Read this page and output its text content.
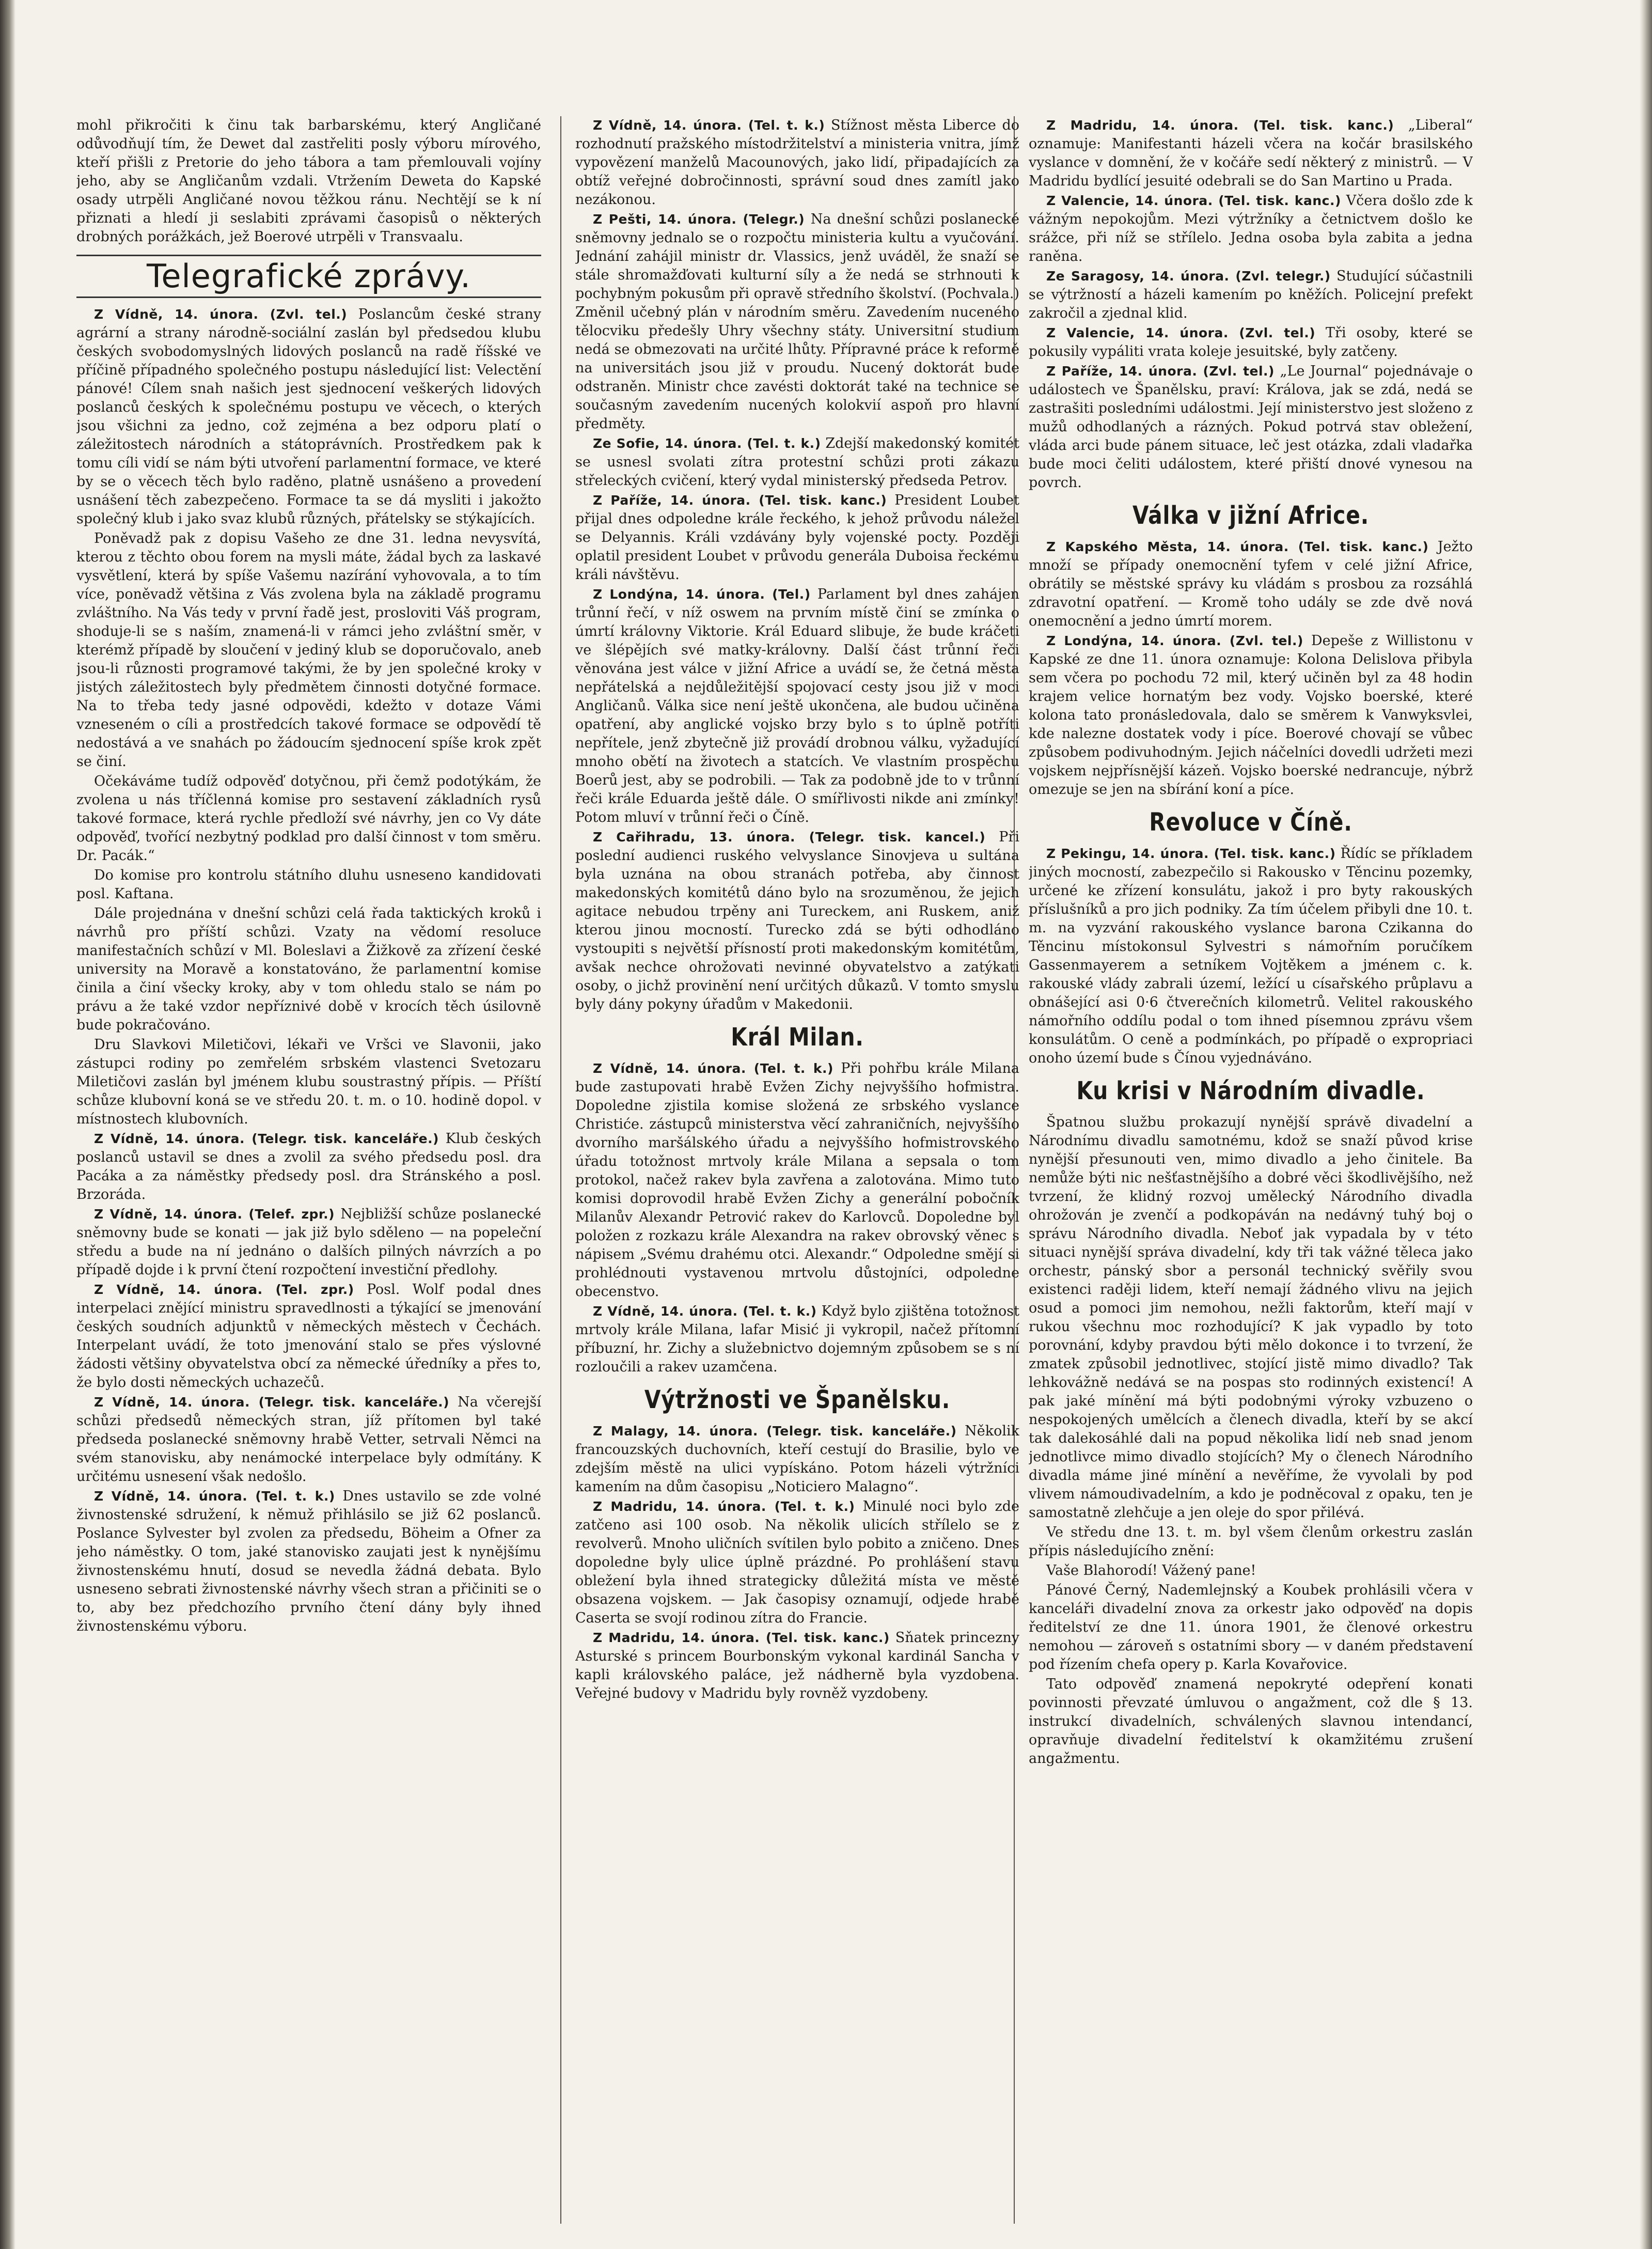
mohl přikročiti k činu tak barbarskému, který Angličané odůvodňují tím, že Dewet dal zastřeliti posly výboru mírového, kteří přišli z Pretorie do jeho tábora a tam přemlouvali vojíny jeho, aby se Angličanům vzdali. Vtržením Deweta do Kapské osady utrpěli Angličané novou těžkou ránu. Nechtějí se k ní přiznati a hledí ji seslabiti zprávami časopisů o některých drobných porážkách, jež Boerové utrpěli v Transvaalu.

Telegrafické zprávy.

Z Vídně, 14. února. (Zvl. tel.) Poslancům české strany agrární a strany národně-sociální zaslán byl předsedou klubu českých svobodomyslných lidových poslanců na radě říšské ve příčině případného společného postupu následující list: Velectění pánové! Cílem snah našich jest sjednocení veškerých lidových poslanců českých k společnému postupu ve věcech, o kterých jsou všichni za jedno, což zejména a bez odporu platí o záležitostech národních a státoprávních. Prostředkem pak k tomu cíli vidí se nám býti utvoření parlamentní formace, ve které by se o věcech těch bylo raděno, platně usnášeno a provedení usnášení těch zabezpečeno. Formace ta se dá mysliti i jakožto společný klub i jako svaz klubů různých, přátelsky se stýkajících.

Poněvadž pak z dopisu Vašeho ze dne 31. ledna nevysvítá, kterou z těchto obou forem na mysli máte, žádal bych za laskavé vysvětlení, která by spíše Vašemu nazírání vyhovovala, a to tím více, poněvadž většina z Vás zvolena byla na základě programu zvláštního. Na Vás tedy v první řadě jest, prosloviti Váš program, shoduje-li se s naším, znamená-li v rámci jeho zvláštní směr, v kterémž případě by sloučení v jediný klub se doporučovalo, aneb jsou-li různosti programové takými, že by jen společné kroky v jistých záležitostech byly předmětem činnosti dotyčné formace. Na to třeba tedy jasné odpovědi, kdežto v dotaze Vámi vzneseném o cíli a prostředcích takové formace se odpovědí tě nedostává a ve snahách po žádoucím sjednocení spíše krok zpět se činí.

Očekáváme tudíž odpověď dotyčnou, při čemž podotýkám, že zvolena u nás tříčlenná komise pro sestavení základních rysů takové formace, která rychle předloží své návrhy, jen co Vy dáte odpověď, tvořící nezbytný podklad pro další činnost v tom směru. Dr. Pacák.“

Do komise pro kontrolu státního dluhu usneseno kandidovati posl. Kaftana.

Dále projednána v dnešní schůzi celá řada taktických kroků i návrhů pro příští schůzi. Vzaty na vědomí resoluce manifestačních schůzí v Ml. Boleslavi a Žižkově za zřízení české university na Moravě a konstatováno, že parlamentní komise činila a činí všecky kroky, aby v tom ohledu stalo se nám po právu a že také vzdor nepříznivé době v krocích těch úsilovně bude pokračováno.

Dru Slavkovi Miletičovi, lékaři ve Vršci ve Slavonii, jako zástupci rodiny po zemřelém srbském vlastenci Svetozaru Miletičovi zaslán byl jménem klubu soustrastný přípis. — Příští schůze klubovní koná se ve středu 20. t. m. o 10. hodině dopol. v místnostech klubovních.

Z Vídně, 14. února. (Telegr. tisk. kanceláře.) Klub českých poslanců ustavil se dnes a zvolil za svého předsedu posl. dra Pacáka a za náměstky předsedy posl. dra Stránského a posl. Brzoráda.

Z Vídně, 14. února. (Telef. zpr.) Nejbližší schůze poslanecké sněmovny bude se konati — jak již bylo sděleno — na popeleční středu a bude na ní jednáno o dalších pilných návrzích a po případě dojde i k první čtení rozpočtení investiční předlohy.

Z Vídně, 14. února. (Tel. zpr.) Posl. Wolf podal dnes interpelaci znějící ministru spravedlnosti a týkající se jmenování českých soudních adjunktů v německých městech v Čechách. Interpelant uvádí, že toto jmenování stalo se přes výslovné žádosti většiny obyvatelstva obcí za německé úředníky a přes to, že bylo dosti německých uchazečů.

Z Vídně, 14. února. (Telegr. tisk. kanceláře.) Na včerejší schůzi předsedů německých stran, jíž přítomen byl také předseda poslanecké sněmovny hrabě Vetter, setrvali Němci na svém stanovisku, aby nenámocké interpelace byly odmítány. K určitému usnesení však nedošlo.

Z Vídně, 14. února. (Tel. t. k.) Dnes ustavilo se zde volné živnostenské sdružení, k němuž přihlásilo se již 62 poslanců. Poslance Sylvester byl zvolen za předsedu, Böheim a Ofner za jeho náměstky. O tom, jaké stanovisko zaujati jest k nynějšímu živnostenskému hnutí, dosud se nevedla žádná debata. Bylo usneseno sebrati živnostenské návrhy všech stran a přičiniti se o to, aby bez předchozího prvního čtení dány byly ihned živnostenskému výboru.

Z Vídně, 14. února. (Tel. t. k.) Stížnost města Liberce do rozhodnutí pražského místodržitelství a ministeria vnitra, jímž vypovězení manželů Macounových, jako lidí, připadajících za obtíž veřejné dobročinnosti, správní soud dnes zamítl jako nezákonou.

Z Pešti, 14. února. (Telegr.) Na dnešní schůzi poslanecké sněmovny jednalo se o rozpočtu ministeria kultu a vyučování. Jednání zahájil ministr dr. Vlassics, jenž uváděl, že snaží se stále shromažďovati kulturní síly a že nedá se strhnouti k pochybným pokusům při opravě středního školství. (Pochvala.) Změnil učebný plán v národním směru. Zavedením nuceného tělocviku předešly Uhry všechny státy. Universitní studium nedá se obmezovati na určité lhůty. Přípravné práce k reformě na universitách jsou již v proudu. Nucený doktorát bude odstraněn. Ministr chce zavésti doktorát také na technice se současným zavedením nucených kolokvií aspoň pro hlavní předměty.

Ze Sofie, 14. února. (Tel. t. k.) Zdejší makedonský komitét se usnesl svolati zítra protestní schůzi proti zákazu střeleckých cvičení, který vydal ministerský předseda Petrov.

Z Paříže, 14. února. (Tel. tisk. kanc.) President Loubet přijal dnes odpoledne krále řeckého, k jehož průvodu náležel se Delyannis. Králi vzdávány byly vojenské pocty. Později oplatil president Loubet v průvodu generála Duboisa řeckému králi návštěvu.

Z Londýna, 14. února. (Tel.) Parlament byl dnes zahájen trůnní řečí, v níž oswem na prvním místě činí se zmínka o úmrtí královny Viktorie. Král Eduard slibuje, že bude kráčeti ve šlépějích své matky-královny. Další část trůnní řeči věnována jest válce v jižní Africe a uvádí se, že četná města nepřátelská a nejdůležitější spojovací cesty jsou již v moci Angličanů. Válka sice není ještě ukončena, ale budou učiněna opatření, aby anglické vojsko brzy bylo s to úplně potříti nepřítele, jenž zbytečně již provádí drobnou válku, vyžadující mnoho obětí na životech a statcích. Ve vlastním prospěchu Boerů jest, aby se podrobili. — Tak za podobně jde to v trůnní řeči krále Eduarda ještě dále. O smířlivosti nikde ani zmínky! Potom mluví v trůnní řeči o Číně.

Z Cařihradu, 13. února. (Telegr. tisk. kancel.) Při poslední audienci ruského velvyslance Sinovjeva u sultána byla uznána na obou stranách potřeba, aby činnost makedonských komitétů dáno bylo na srozuměnou, že jejich agitace nebudou trpěny ani Tureckem, ani Ruskem, aniž kterou jinou mocností. Turecko zdá se býti odhodláno vystoupiti s největší přísností proti makedonským komitétům, avšak nechce ohrožovati nevinné obyvatelstvo a zatýkati osoby, o jichž provinění není určitých důkazů. V tomto smyslu byly dány pokyny úřadům v Makedonii.

Král Milan.

Z Vídně, 14. února. (Tel. t. k.) Při pohřbu krále Milana bude zastupovati hrabě Evžen Zichy nejvyššího hofmistra. Dopoledne zjistila komise složená ze srbského vyslance Christiće. zástupců ministerstva věcí zahraničních, nejvyššího dvorního maršálského úřadu a nejvyššího hofmistrovského úřadu totožnost mrtvoly krále Milana a sepsala o tom protokol, načež rakev byla zavřena a zalotována. Mimo tuto komisi doprovodil hrabě Evžen Zichy a generální pobočník Milanův Alexandr Petrović rakev do Karlovců. Dopoledne byl položen z rozkazu krále Alexandra na rakev obrovský věnec s nápisem „Svému drahému otci. Alexandr.“ Odpoledne smějí si prohlédnouti vystavenou mrtvolu důstojníci, odpoledne obecenstvo.

Z Vídně, 14. února. (Tel. t. k.) Když bylo zjištěna totožnost mrtvoly krále Milana, lafar Misić ji vykropil, načež přítomní příbuzní, hr. Zichy a služebnictvo dojemným způsobem se s ní rozloučili a rakev uzamčena.

Výtržnosti ve Španělsku.

Z Malagy, 14. února. (Telegr. tisk. kanceláře.) Několik francouzských duchovních, kteří cestují do Brasilie, bylo ve zdejším městě na ulici vypískáno. Potom házeli výtržníci kamením na dům časopisu „Noticiero Malagno“.

Z Madridu, 14. února. (Tel. t. k.) Minulé noci bylo zde zatčeno asi 100 osob. Na několik ulicích střílelo se z revolverů. Mnoho uličních svítilen bylo pobito a zničeno. Dnes dopoledne byly ulice úplně prázdné. Po prohlášení stavu obležení byla ihned strategicky důležitá místa ve městě obsazena vojskem. — Jak časopisy oznamují, odjede hrabě Caserta se svojí rodinou zítra do Francie.

Z Madridu, 14. února. (Tel. tisk. kanc.) Sňatek princezny Asturské s princem Bourbonským vykonal kardinál Sancha v kapli královského paláce, jež nádherně byla vyzdobena. Veřejné budovy v Madridu byly rovněž vyzdobeny.

Z Madridu, 14. února. (Tel. tisk. kanc.) „Liberal“ oznamuje: Manifestanti házeli včera na kočár brasilského vyslance v domnění, že v kočáře sedí některý z ministrů. — V Madridu bydlící jesuité odebrali se do San Martino u Prada.

Z Valencie, 14. února. (Tel. tisk. kanc.) Včera došlo zde k vážným nepokojům. Mezi výtržníky a četnictvem došlo ke srážce, při níž se střílelo. Jedna osoba byla zabita a jedna raněna.

Ze Saragosy, 14. února. (Zvl. telegr.) Studující súčastnili se výtržností a házeli kamením po kněžích. Policejní prefekt zakročil a zjednal klid.

Z Valencie, 14. února. (Zvl. tel.) Tři osoby, které se pokusily vypáliti vrata koleje jesuitské, byly zatčeny.

Z Paříže, 14. února. (Zvl. tel.) „Le Journal“ pojednávaje o událostech ve Španělsku, praví: Králova, jak se zdá, nedá se zastrašiti posledními událostmi. Její ministerstvo jest složeno z mužů odhodlaných a rázných. Pokud potrvá stav obležení, vláda arci bude pánem situace, leč jest otázka, zdali vladařka bude moci čeliti událostem, které přiští dnové vynesou na povrch.

Válka v jižní Africe.

Z Kapského Města, 14. února. (Tel. tisk. kanc.) Ježto množí se případy onemocnění tyfem v celé jižní Africe, obrátily se městské správy ku vládám s prosbou za rozsáhlá zdravotní opatření. — Kromě toho udály se zde dvě nová onemocnění a jedno úmrtí morem.

Z Londýna, 14. února. (Zvl. tel.) Depeše z Willistonu v Kapské ze dne 11. února oznamuje: Kolona Delislova přibyla sem včera po pochodu 72 mil, který učiněn byl za 48 hodin krajem velice hornatým bez vody. Vojsko boerské, které kolona tato pronásledovala, dalo se směrem k Vanwyksvlei, kde nalezne dostatek vody i píce. Boerové chovají se vůbec způsobem podivuhodným. Jejich náčelníci dovedli udržeti mezi vojskem nejpřísnější kázeň. Vojsko boerské nedrancuje, nýbrž omezuje se jen na sbírání koní a píce.

Revoluce v Číně.

Z Pekingu, 14. února. (Tel. tisk. kanc.) Řídíc se příkladem jiných mocností, zabezpečilo si Rakousko v Těncinu pozemky, určené ke zřízení konsulátu, jakož i pro byty rakouských příslušníků a pro jich podniky. Za tím účelem přibyli dne 10. t. m. na vyzvání rakouského vyslance barona Czikanna do Těncinu místokonsul Sylvestri s námořním poručíkem Gassenmayerem a setníkem Vojtěkem a jménem c. k. rakouské vlády zabrali území, ležící u císařského průplavu a obnášející asi 0·6 čtverečních kilometrů. Velitel rakouského námořního oddílu podal o tom ihned písemnou zprávu všem konsulátům. O ceně a podmínkách, po případě o expropriaci onoho území bude s Čínou vyjednáváno.

Ku krisi v Národním divadle.

Špatnou službu prokazují nynější správě divadelní a Národnímu divadlu samotnému, kdož se snaží původ krise nynější přesunouti ven, mimo divadlo a jeho činitele. Ba nemůže býti nic nešťastnějšího a dobré věci škodlivějšího, než tvrzení, že klidný rozvoj umělecký Národního divadla ohrožován je zvenčí a podkopáván na nedávný tuhý boj o správu Národního divadla. Neboť jak vypadala by v této situaci nynější správa divadelní, kdy tři tak vážné těleса jako orchestr, pánský sbor a personál technický svěřily svou existenci raději lidem, kteří nemají žádného vlivu na jejich osud a pomoci jim nemohou, nežli faktorům, kteří mají v rukou všechnu moc rozhodující? K jak vypadlo by toto porovnání, kdyby pravdou býti mělo dokonce i to tvrzení, že zmatek způsobil jednotlivec, stojící jistě mimo divadlo? Tak lehkovážně nedává se na pospas sto rodinných existencí! A pak jaké mínění má býti podobnými výroky vzbuzeno o nespokojených umělcích a členech divadla, kteří by se akcí tak dalekosáhlé dali na popud několika lidí neb snad jenom jednotlivce mimo divadlo stojících? My o členech Národního divadla máme jiné mínění a nevěříme, že vyvolali by pod vlivem námoudivadelním, a kdo je podněcoval z opaku, ten je samostatně zlehčuje a jen oleje do spor přilévá.

Ve středu dne 13. t. m. byl všem členům orkestru zaslán přípis následujícího znění:

Vaše Blahorodí! Vážený pane!

Pánové Černý, Nademlejnský a Koubek prohlásili včera v kanceláři divadelní znova za orkestr jako odpověď na dopis ředitelství ze dne 11. února 1901, že členové orkestru nemohou — zároveň s ostatními sbory — v daném představení pod řízením chefa opery p. Karla Kovařovice.

Tato odpověď znamená nepokryté odepření konati povinnosti převzaté úmluvou o angažment, což dle § 13. instrukcí divadelních, schválených slavnou intendancí, opravňuje divadelní ředitelství k okamžitému zrušení angažmentu.
